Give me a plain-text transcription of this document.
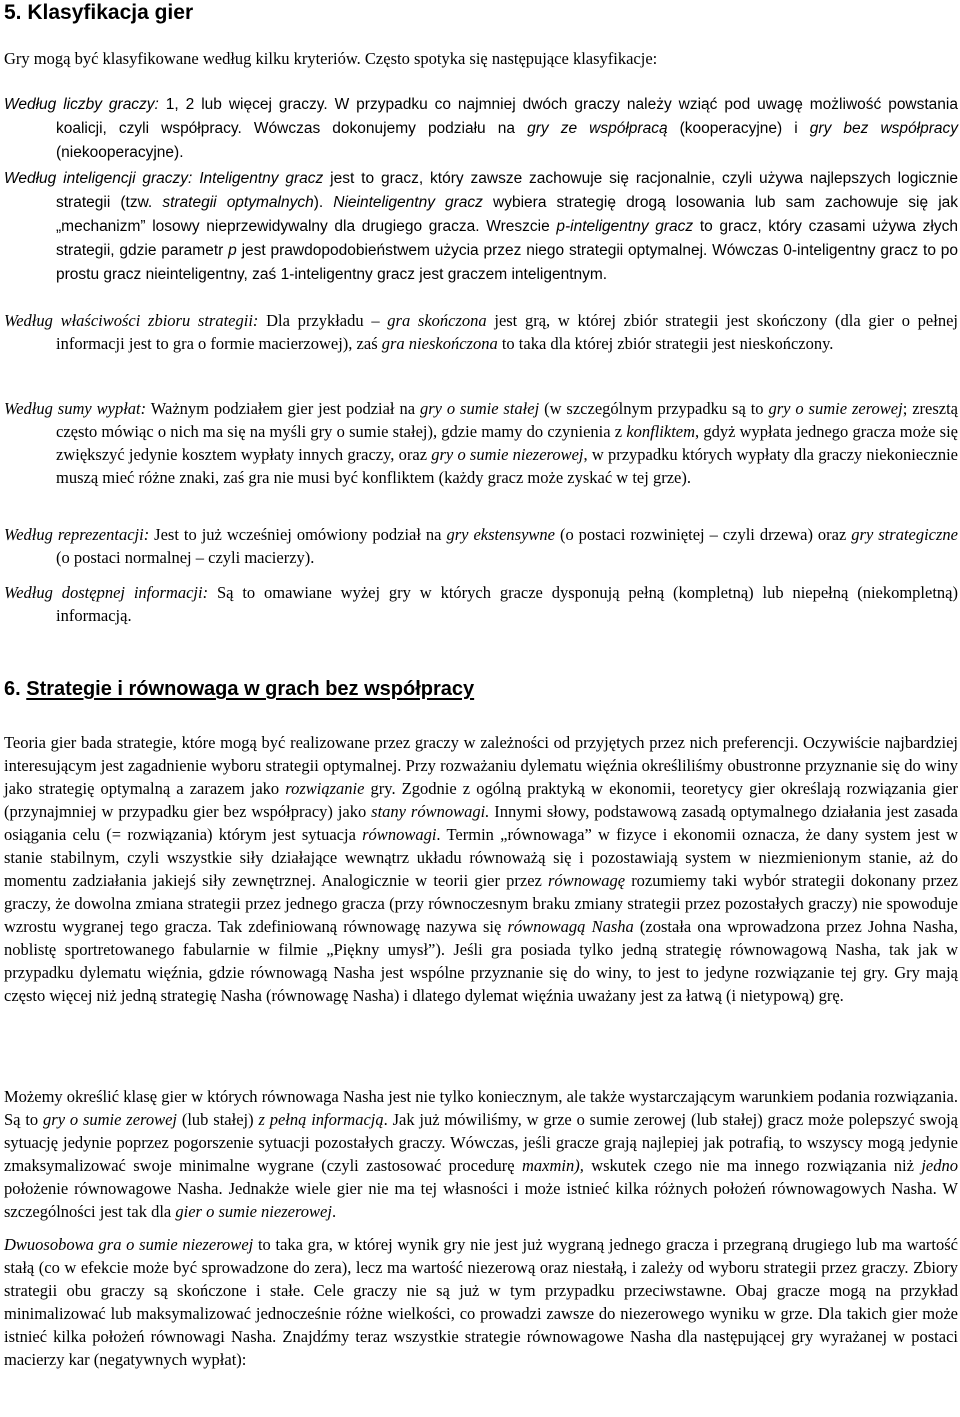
5. Klasyfikacja gier

Gry mogą być klasyfikowane według kilku kryteriów. Często spotyka się następujące klasyfikacje:

Według liczby graczy: 1, 2 lub więcej graczy. W przypadku co najmniej dwóch graczy należy wziąć pod uwagę możliwość powstania koalicji, czyli współpracy. Wówczas dokonujemy podziału na gry ze współpracą (kooperacyjne) i gry bez współpracy (niekooperacyjne).

Według inteligencji graczy: Inteligentny gracz jest to gracz, który zawsze zachowuje się racjonalnie, czyli używa najlepszych logicznie strategii (tzw. strategii optymalnych). Nieinteligentny gracz wybiera strategię drogą losowania lub sam zachowuje się jak „mechanizm” losowy nieprzewidywalny dla drugiego gracza. Wreszcie p-inteligentny gracz to gracz, który czasami używa złych strategii, gdzie parametr p jest prawdopodobieństwem użycia przez niego strategii optymalnej. Wówczas 0-inteligentny gracz to po prostu gracz nieinteligentny, zaś 1-inteligentny gracz jest graczem inteligentnym.

Według właściwości zbioru strategii: Dla przykładu – gra skończona jest grą, w której zbiór strategii jest skończony (dla gier o pełnej informacji jest to gra o formie macierzowej), zaś gra nieskończona to taka dla której zbiór strategii jest nieskończony.

Według sumy wypłat: Ważnym podziałem gier jest podział na gry o sumie stałej (w szczególnym przypadku są to gry o sumie zerowej; zresztą często mówiąc o nich ma się na myśli gry o sumie stałej), gdzie mamy do czynienia z konfliktem, gdyż wypłata jednego gracza może się zwiększyć jedynie kosztem wypłaty innych graczy, oraz gry o sumie niezerowej, w przypadku których wypłaty dla graczy niekoniecznie muszą mieć różne znaki, zaś gra nie musi być konfliktem (każdy gracz może zyskać w tej grze).

Według reprezentacji: Jest to już wcześniej omówiony podział na gry ekstensywne (o postaci rozwiniętej – czyli drzewa) oraz gry strategiczne (o postaci normalnej – czyli macierzy).

Według dostępnej informacji: Są to omawiane wyżej gry w których gracze dysponują pełną (kompletną) lub niepełną (niekompletną) informacją.

6. Strategie i równowaga w grach bez współpracy

Teoria gier bada strategie, które mogą być realizowane przez graczy w zależności od przyjętych przez nich preferencji. Oczywiście najbardziej interesującym jest zagadnienie wyboru strategii optymalnej. Przy rozważaniu dylematu więźnia określiliśmy obustronne przyznanie się do winy jako strategię optymalną a zarazem jako rozwiązanie gry. Zgodnie z ogólną praktyką w ekonomii, teoretycy gier określają rozwiązania gier (przynajmniej w przypadku gier bez współpracy) jako stany równowagi. Innymi słowy, podstawową zasadą optymalnego działania jest zasada osiągania celu (= rozwiązania) którym jest sytuacja równowagi. Termin „równowaga” w fizyce i ekonomii oznacza, że dany system jest w stanie stabilnym, czyli wszystkie siły działające wewnątrz układu równoważą się i pozostawiają system w niezmienionym stanie, aż do momentu zadziałania jakiejś siły zewnętrznej. Analogicznie w teorii gier przez równowagę rozumiemy taki wybór strategii dokonany przez graczy, że dowolna zmiana strategii przez jednego gracza (przy równoczesnym braku zmiany strategii przez pozostałych graczy) nie spowoduje wzrostu wygranej tego gracza. Tak zdefiniowaną równowagę nazywa się równowagą Nasha (została ona wprowadzona przez Johna Nasha, noblistę sportretowanego fabularnie w filmie „Piękny umysł”). Jeśli gra posiada tylko jedną strategię równowagową Nasha, tak jak w przypadku dylematu więźnia, gdzie równowagą Nasha jest wspólne przyznanie się do winy, to jest to jedyne rozwiązanie tej gry. Gry mają często więcej niż jedną strategię Nasha (równowagę Nasha) i dlatego dylemat więźnia uważany jest za łatwą (i nietypową) grę.

Możemy określić klasę gier w których równowaga Nasha jest nie tylko koniecznym, ale także wystarczającym warunkiem podania rozwiązania. Są to gry o sumie zerowej (lub stałej) z pełną informacją. Jak już mówiliśmy, w grze o sumie zerowej (lub stałej) gracz może polepszyć swoją sytuację jedynie poprzez pogorszenie sytuacji pozostałych graczy. Wówczas, jeśli gracze grają najlepiej jak potrafią, to wszyscy mogą jedynie zmaksymalizować swoje minimalne wygrane (czyli zastosować procedurę maxmin), wskutek czego nie ma innego rozwiązania niż jedno położenie równowagowe Nasha. Jednakże wiele gier nie ma tej własności i może istnieć kilka różnych położeń równowagowych Nasha. W szczególności jest tak dla gier o sumie niezerowej.

Dwuosobowa gra o sumie niezerowej to taka gra, w której wynik gry nie jest już wygraną jednego gracza i przegraną drugiego lub ma wartość stałą (co w efekcie może być sprowadzone do zera), lecz ma wartość niezerową oraz niestałą, i zależy od wyboru strategii przez graczy. Zbiory strategii obu graczy są skończone i stałe. Cele graczy nie są już w tym przypadku przeciwstawne. Obaj gracze mogą na przykład minimalizować lub maksymalizować jednocześnie różne wielkości, co prowadzi zawsze do niezerowego wyniku w grze. Dla takich gier może istnieć kilka położeń równowagi Nasha. Znajdźmy teraz wszystkie strategie równowagowe Nasha dla następującej gry wyrażanej w postaci macierzy kar (negatywnych wypłat):
